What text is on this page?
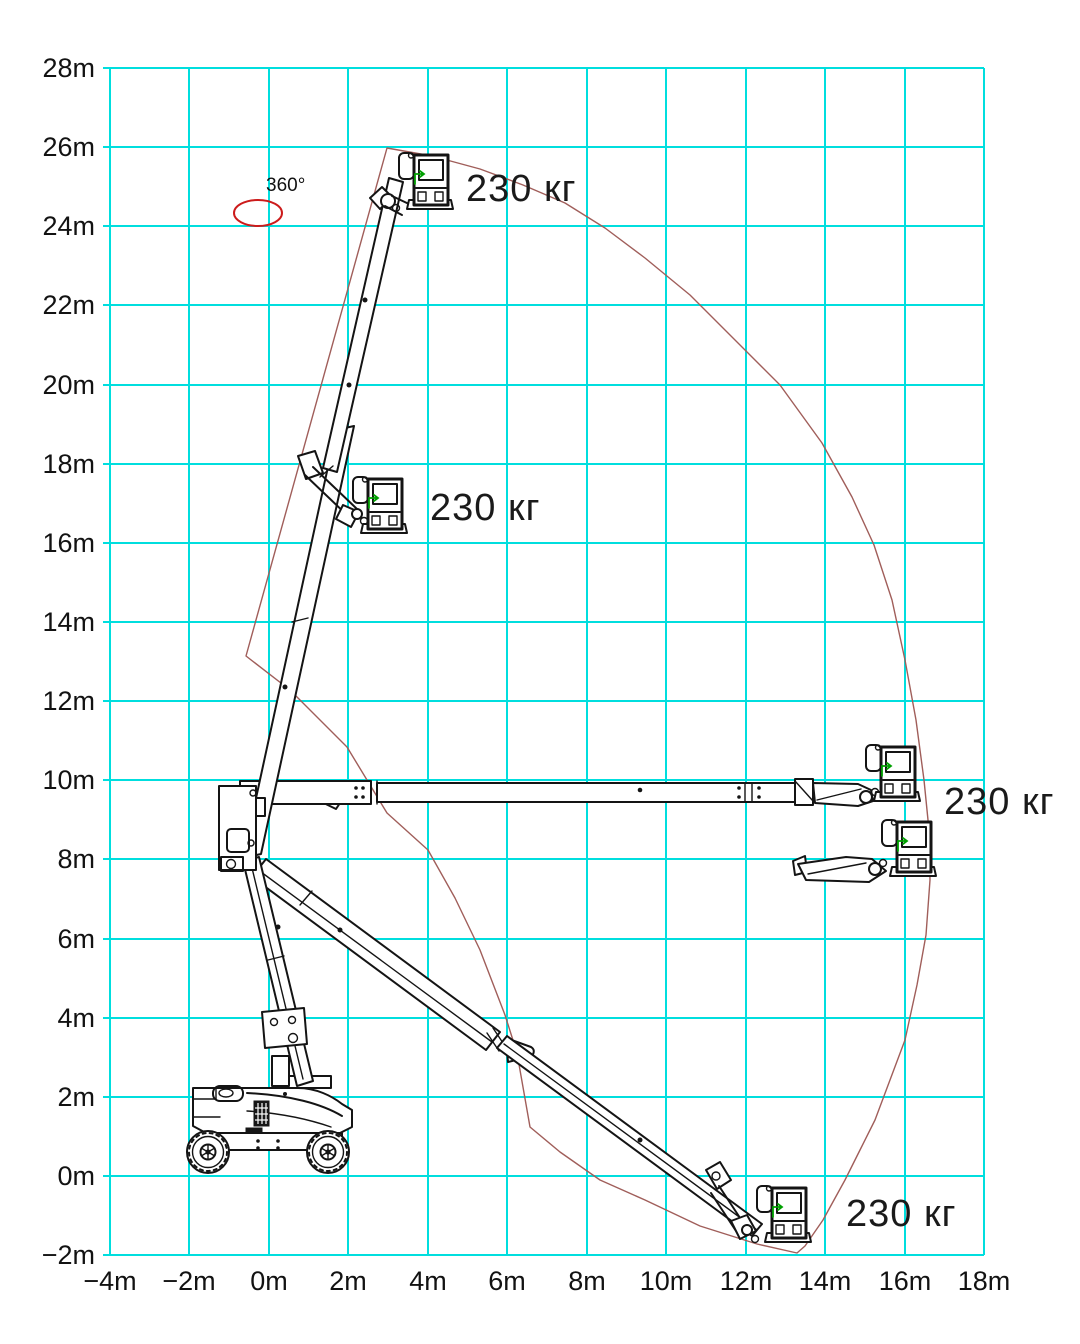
28m
26m
24m
22m
20m
18m
16m
14m
12m
10m
8m
6m
4m
2m
0m
−2m
−4m −2m	0m	2m	4m	6m	8m	10m	12m 14m	16m 18m
360°	230 кг
230 кг
230 кг
230 кг
